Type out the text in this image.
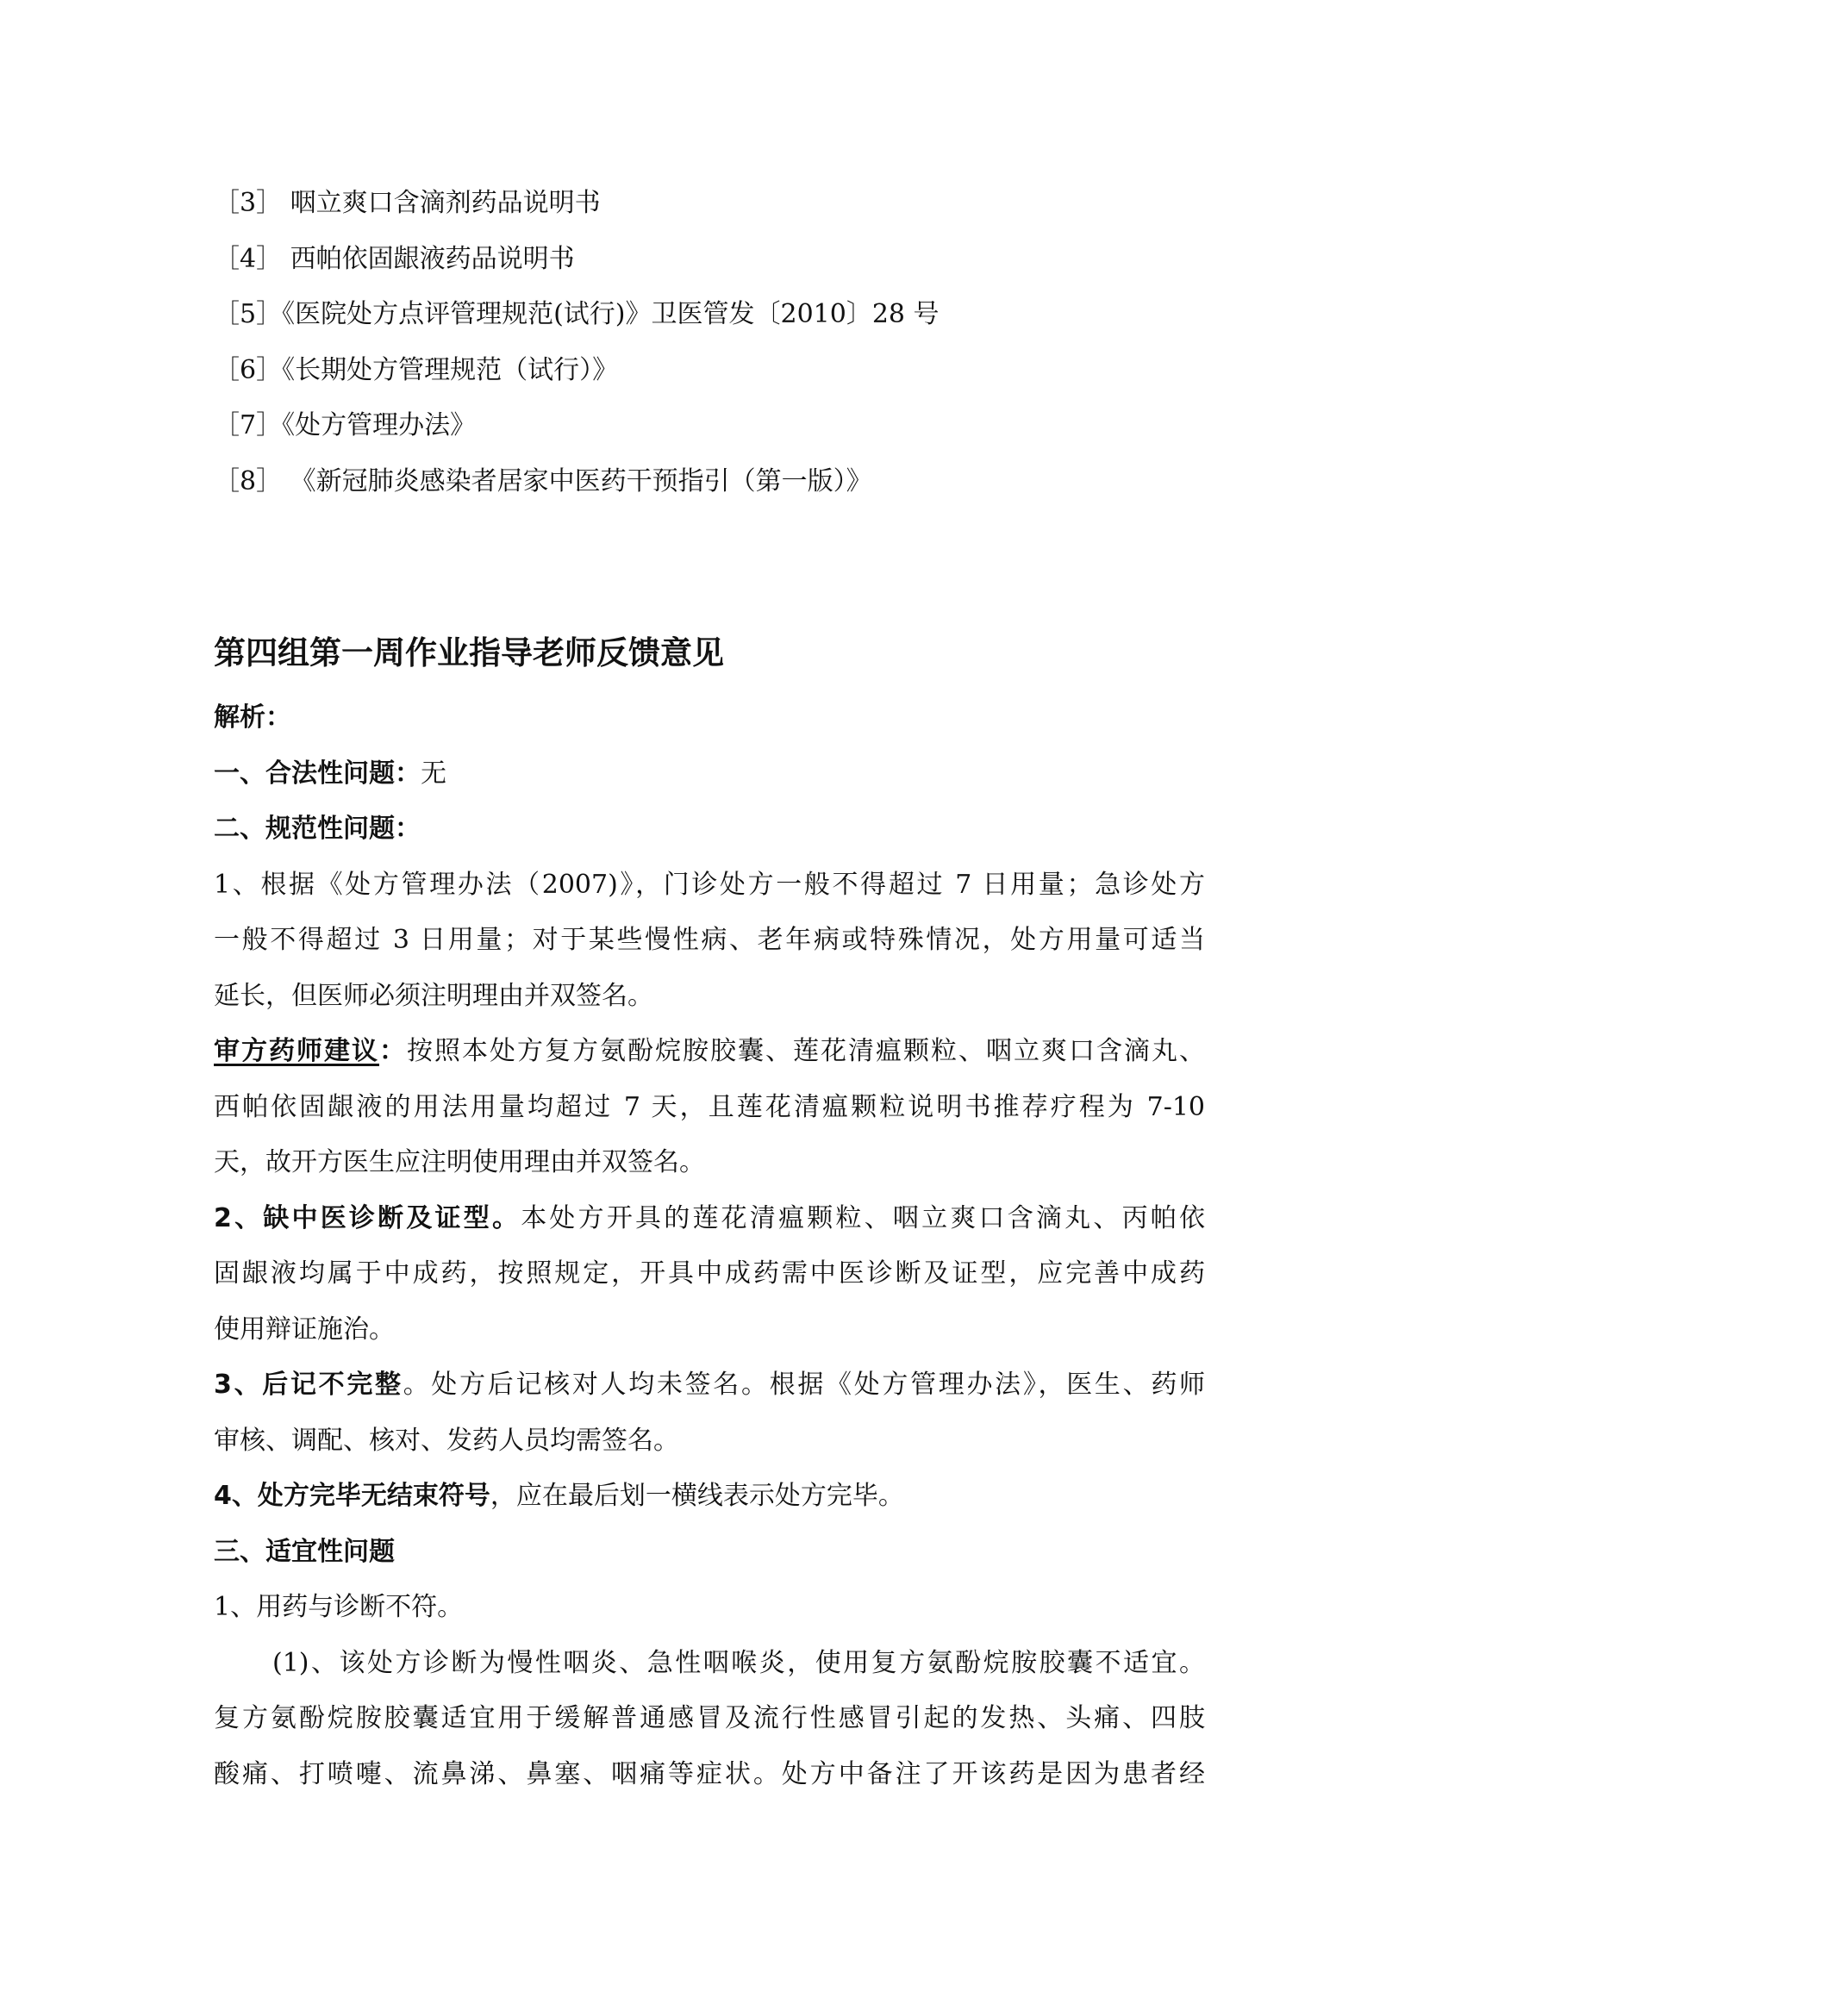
［3］ 咽立爽口含滴剂药品说明书
［4］ 西帕依固龈液药品说明书
［5］《医院处方点评管理规范(试行)》卫医管发〔2010〕28 号
［6］《长期处方管理规范（试行）》
［7］《处方管理办法》
［8］ 《新冠肺炎感染者居家中医药干预指引（第一版）》
第四组第一周作业指导老师反馈意见
解析：
一、合法性问题：无
二、规范性问题：
1、根据《处方管理办法（2007)》，门诊处方一般不得超过 7 日用量；急诊处方
一般不得超过 3 日用量；对于某些慢性病、老年病或特殊情况，处方用量可适当
延长，但医师必须注明理由并双签名。
审方药师建议：按照本处方复方氨酚烷胺胶囊、莲花清瘟颗粒、咽立爽口含滴丸、
西帕依固龈液的用法用量均超过 7 天，且莲花清瘟颗粒说明书推荐疗程为 7-10
天，故开方医生应注明使用理由并双签名。
2、缺中医诊断及证型。本处方开具的莲花清瘟颗粒、咽立爽口含滴丸、丙帕依
固龈液均属于中成药，按照规定，开具中成药需中医诊断及证型，应完善中成药
使用辩证施治。
3、后记不完整。处方后记核对人均未签名。根据《处方管理办法》，医生、药师
审核、调配、核对、发药人员均需签名。
4、处方完毕无结束符号，应在最后划一横线表示处方完毕。
三、适宜性问题
1、用药与诊断不符。
(1)、该处方诊断为慢性咽炎、急性咽喉炎，使用复方氨酚烷胺胶囊不适宜。
复方氨酚烷胺胶囊适宜用于缓解普通感冒及流行性感冒引起的发热、头痛、四肢
酸痛、打喷嚏、流鼻涕、鼻塞、咽痛等症状。处方中备注了开该药是因为患者经
